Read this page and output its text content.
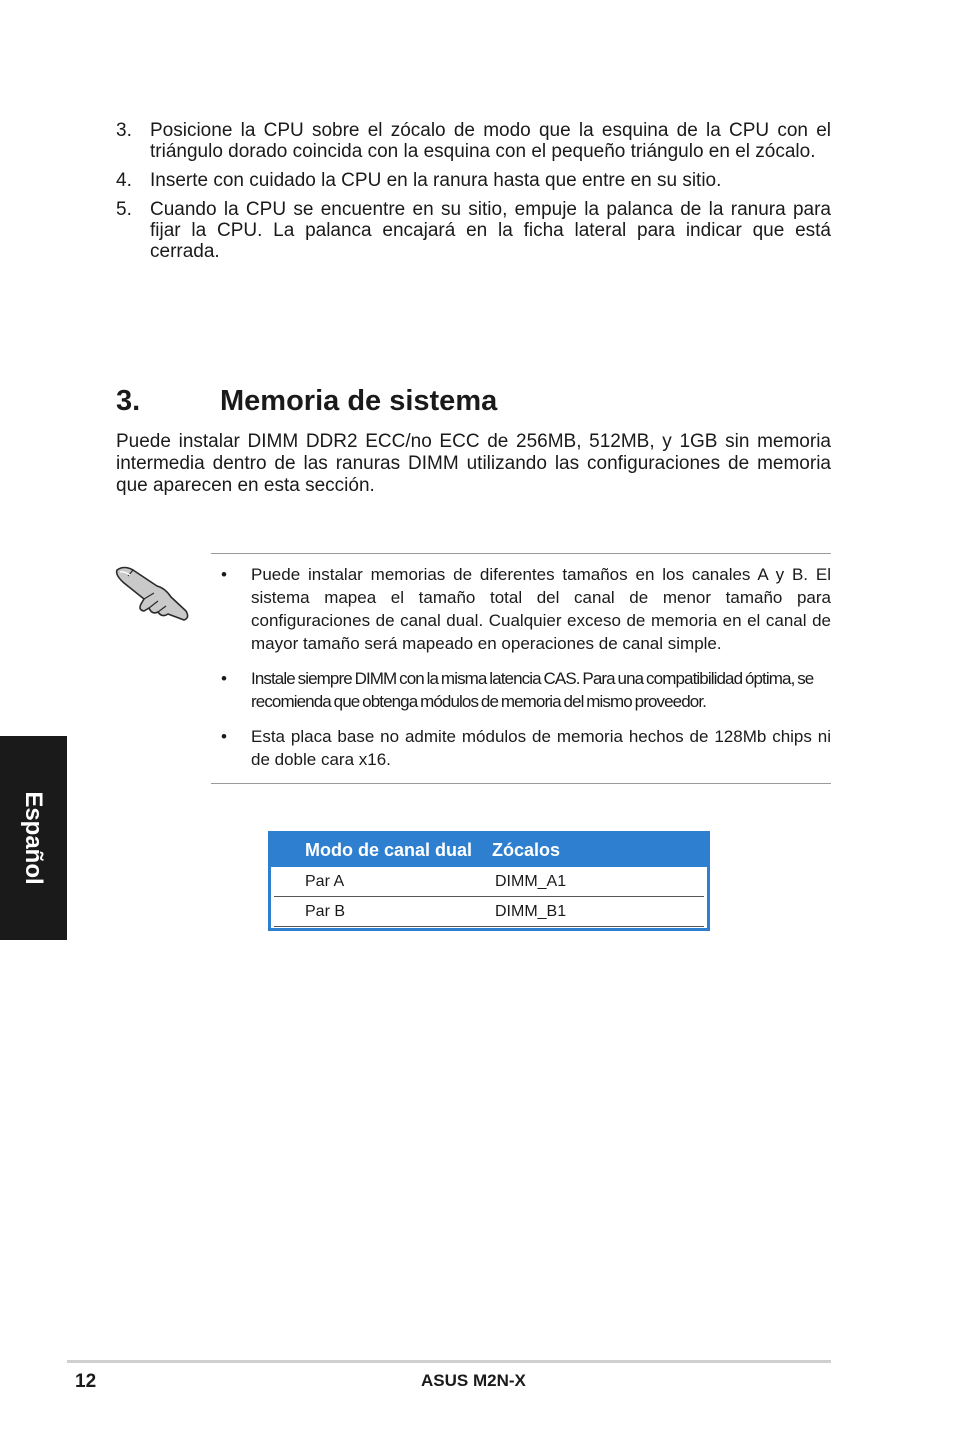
3. Posicione la CPU sobre el zócalo de modo que la esquina de la CPU con el triángulo dorado coincida con la esquina con el pequeño triángulo en el zócalo.
4. Inserte con cuidado la CPU en la ranura hasta que entre en su sitio.
5. Cuando la CPU se encuentre en su sitio, empuje la palanca de la ranura para fijar la CPU. La palanca encajará en la ficha lateral para indicar que está cerrada.
3.	Memoria de sistema

Puede instalar DIMM DDR2 ECC/no ECC de 256MB, 512MB, y 1GB sin memoria intermedia dentro de las ranuras DIMM utilizando las configuraciones de memoria que aparecen en esta sección.

•	Puede instalar memorias de diferentes tamaños en los canales A y B. El sistema mapea el tamaño total del canal de menor tamaño para configuraciones de canal dual. Cualquier exceso de memoria en el canal de mayor tamaño será mapeado en operaciones de canal simple.
•	Instale siempre DIMM con la misma latencia CAS. Para una compatibilidad óptima, se recomienda que obtenga módulos de memoria del mismo proveedor.
•	Esta placa base no admite módulos de memoria hechos de 128Mb chips ni de doble cara x16.
Modo de canal dual	Zócalos
Par A	DIMM_A1
Par B	DIMM_B1
Español
12	ASUS M2N-X
